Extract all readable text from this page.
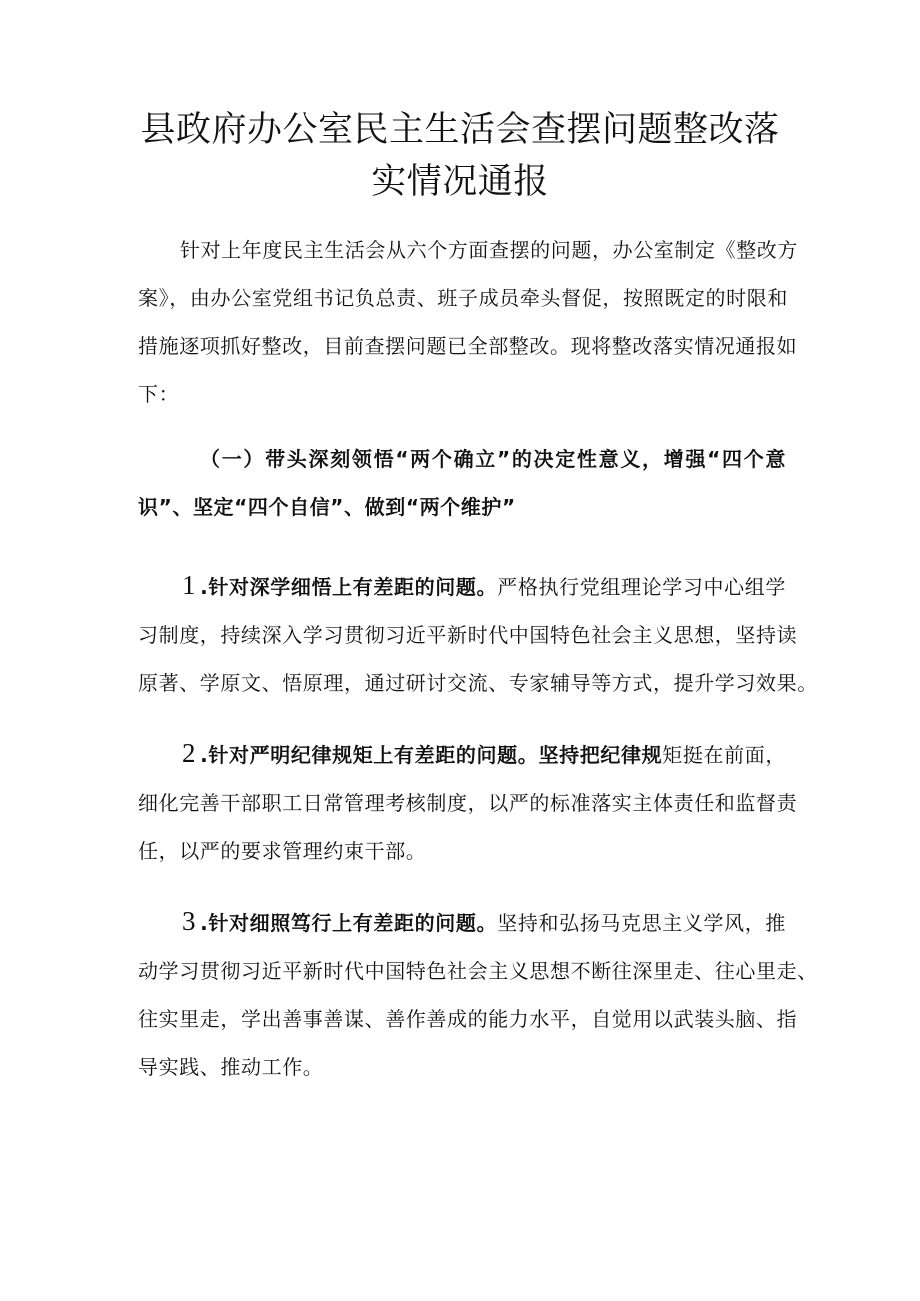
县政府办公室民主生活会查摆问题整改落
实情况通报
针对上年度民主生活会从六个方面查摆的问题，办公室制定《整改方
案》，由办公室党组书记负总责、班子成员牵头督促，按照既定的时限和
措施逐项抓好整改，目前查摆问题已全部整改。现将整改落实情况通报如
下：
（一）带头深刻领悟“两个确立”的决定性意义，增强“四个意
识”、坚定“四个自信”、做到“两个维护”
1 .针对深学细悟上有差距的问题。严格执行党组理论学习中心组学
习制度，持续深入学习贯彻习近平新时代中国特色社会主义思想，坚持读
原著、学原文、悟原理，通过研讨交流、专家辅导等方式，提升学习效果。
2 .针对严明纪律规矩上有差距的问题。坚持把纪律规矩挺在前面，
细化完善干部职工日常管理考核制度，以严的标准落实主体责任和监督责
任，以严的要求管理约束干部。
3 .针对细照笃行上有差距的问题。坚持和弘扬马克思主义学风，推
动学习贯彻习近平新时代中国特色社会主义思想不断往深里走、往心里走、
往实里走，学出善事善谋、善作善成的能力水平，自觉用以武装头脑、指
导实践、推动工作。
